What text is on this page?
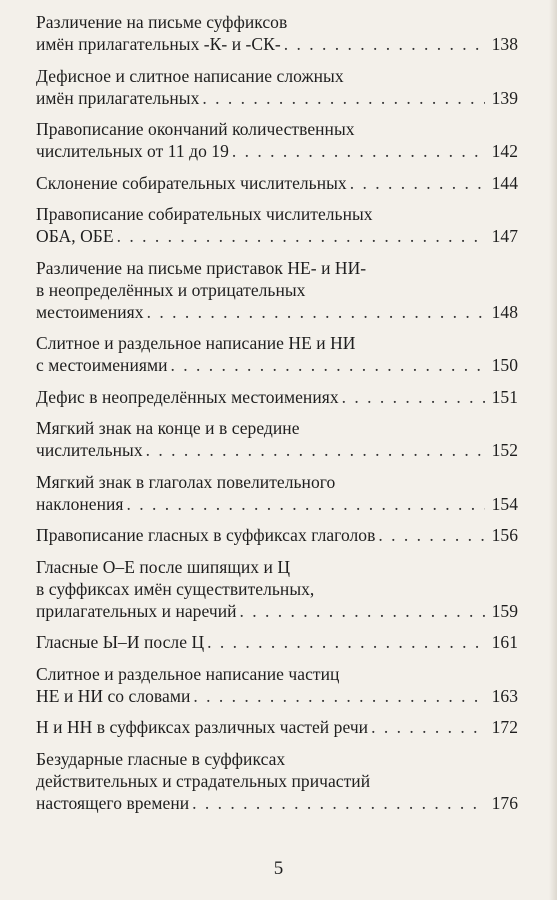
Различение на письме суффиксов
имён прилагательных -К- и -СК- . . .	138
Дефисное и слитное написание сложных
имён прилагательных . . .	139
Правописание окончаний количественных
числительных от 11 до 19 . . .	142
Склонение собирательных числительных . . .	144
Правописание собирательных числительных
ОБА, ОБЕ . . .	147
Различение на письме приставок НЕ- и НИ-
в неопределённых и отрицательных
местоимениях . . .	148
Слитное и раздельное написание НЕ и НИ
с местоимениями . . .	150
Дефис в неопределённых местоимениях . . .	151
Мягкий знак на конце и в середине
числительных . . .	152
Мягкий знак в глаголах повелительного
наклонения . . .	154
Правописание гласных в суффиксах глаголов . . .	156
Гласные О–Е после шипящих и Ц
в суффиксах имён существительных,
прилагательных и наречий . . .	159
Гласные Ы–И после Ц . . .	161
Слитное и раздельное написание частиц
НЕ и НИ со словами . . .	163
Н и НН в суффиксах различных частей речи . . .	172
Безударные гласные в суффиксах
действительных и страдательных причастий
настоящего времени . . .	176
5
